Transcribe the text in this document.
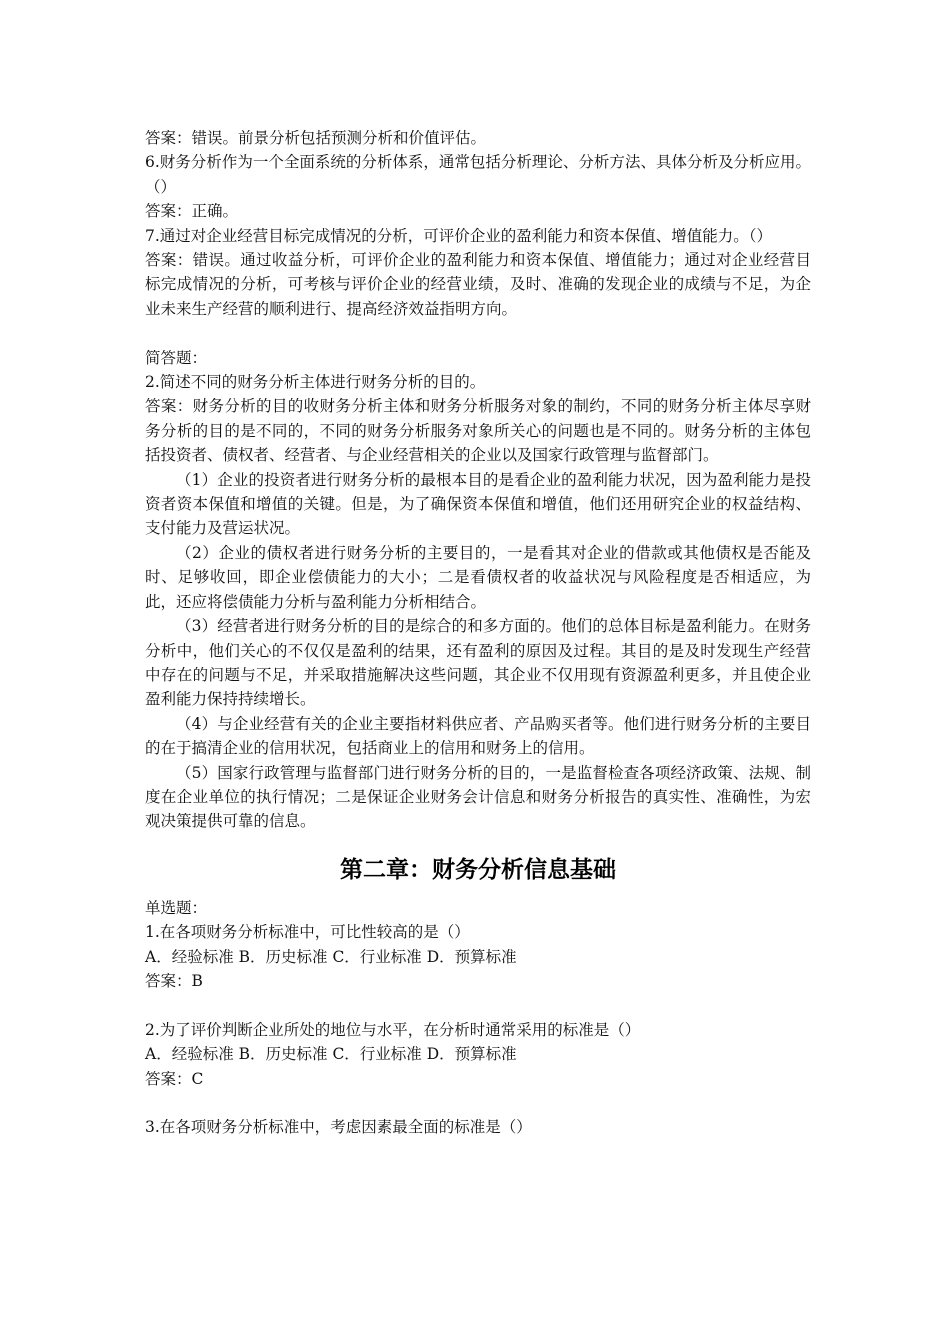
答案：错误。前景分析包括预测分析和价值评估。

6.财务分析作为一个全面系统的分析体系，通常包括分析理论、分析方法、具体分析及分析应用。（）

答案：正确。

7.通过对企业经营目标完成情况的分析，可评价企业的盈利能力和资本保值、增值能力。（）

答案：错误。通过收益分析，可评价企业的盈利能力和资本保值、增值能力；通过对企业经营目标完成情况的分析，可考核与评价企业的经营业绩，及时、准确的发现企业的成绩与不足，为企业未来生产经营的顺利进行、提高经济效益指明方向。

简答题：

2.简述不同的财务分析主体进行财务分析的目的。

答案：财务分析的目的收财务分析主体和财务分析服务对象的制约，不同的财务分析主体尽享财务分析的目的是不同的，不同的财务分析服务对象所关心的问题也是不同的。财务分析的主体包括投资者、债权者、经营者、与企业经营相关的企业以及国家行政管理与监督部门。

（1）企业的投资者进行财务分析的最根本目的是看企业的盈利能力状况，因为盈利能力是投资者资本保值和增值的关键。但是，为了确保资本保值和增值，他们还用研究企业的权益结构、支付能力及营运状况。

（2）企业的债权者进行财务分析的主要目的，一是看其对企业的借款或其他债权是否能及时、足够收回，即企业偿债能力的大小；二是看债权者的收益状况与风险程度是否相适应，为此，还应将偿债能力分析与盈利能力分析相结合。

（3）经营者进行财务分析的目的是综合的和多方面的。他们的总体目标是盈利能力。在财务分析中，他们关心的不仅仅是盈利的结果，还有盈利的原因及过程。其目的是及时发现生产经营中存在的问题与不足，并采取措施解决这些问题，其企业不仅用现有资源盈利更多，并且使企业盈利能力保持持续增长。

（4）与企业经营有关的企业主要指材料供应者、产品购买者等。他们进行财务分析的主要目的在于搞清企业的信用状况，包括商业上的信用和财务上的信用。

（5）国家行政管理与监督部门进行财务分析的目的，一是监督检查各项经济政策、法规、制度在企业单位的执行情况；二是保证企业财务会计信息和财务分析报告的真实性、准确性，为宏观决策提供可靠的信息。

第二章：财务分析信息基础

单选题：

1.在各项财务分析标准中，可比性较高的是（）

A．经验标准 B．历史标准 C．行业标准 D．预算标准

答案：B

2.为了评价判断企业所处的地位与水平，在分析时通常采用的标准是（）

A．经验标准 B．历史标准 C．行业标准 D．预算标准

答案：C

3.在各项财务分析标准中，考虑因素最全面的标准是（）
